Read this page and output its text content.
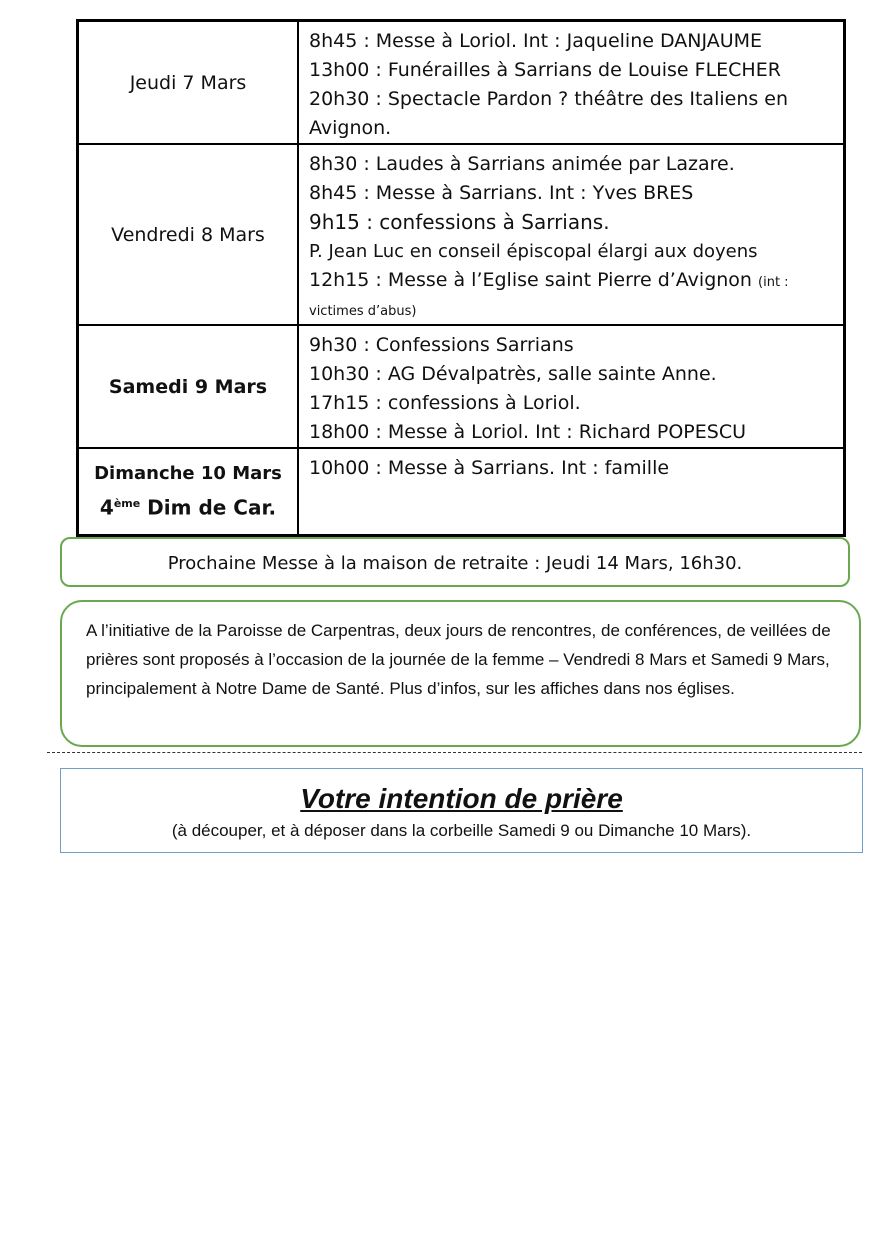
Jeudi 7 Mars	8h45 : Messe à Loriol. Int : Jaqueline DANJAUME
13h00 : Funérailles à Sarrians de Louise FLECHER
20h30 : Spectacle Pardon ? théâtre des Italiens en Avignon.

Vendredi 8 Mars	8h30 : Laudes à Sarrians animée par Lazare.
8h45 : Messe à Sarrians. Int : Yves BRES
9h15 : confessions à Sarrians.
P. Jean Luc en conseil épiscopal élargi aux doyens
12h15 : Messe à l’Eglise saint Pierre d’Avignon (int : victimes d’abus)
Samedi 9 Mars	9h30 : Confessions Sarrians
10h30 : AG Dévalpatrès, salle sainte Anne.
17h15 : confessions à Loriol.
18h00 : Messe à Loriol. Int : Richard POPESCU

Dimanche 10 Mars
4ème Dim de Car.	10h00 : Messe à Sarrians. Int : famille
Prochaine Messe à la maison de retraite : Jeudi 14 Mars, 16h30.
A l’initiative de la Paroisse de Carpentras, deux jours de rencontres, de conférences, de veillées de prières sont proposés à l’occasion de la journée de la femme – Vendredi 8 Mars et Samedi 9 Mars, principalement à Notre Dame de Santé. Plus d’infos, sur les affiches dans nos églises.
Votre intention de prière
(à découper, et à déposer dans la corbeille Samedi 9 ou Dimanche 10 Mars).
